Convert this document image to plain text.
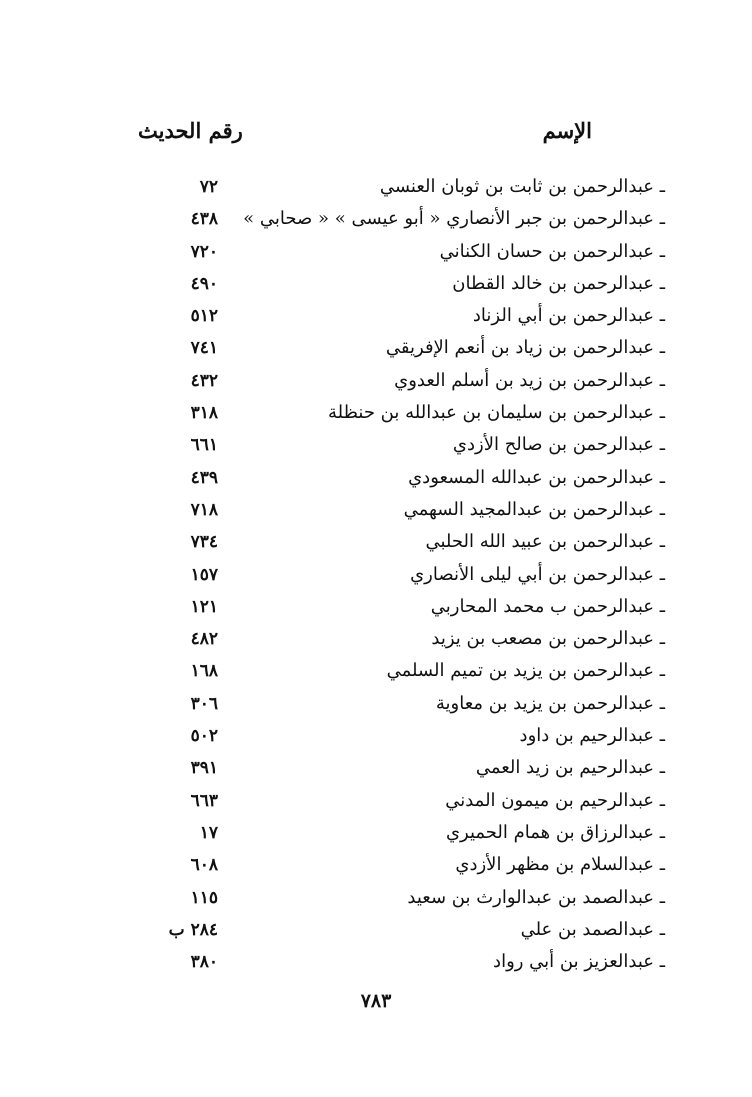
الإسم
رقم الحديث
ـ عبدالرحمن بن ثابت بن ثوبان العنسي
٧٢
ـ عبدالرحمن بن جبر الأنصاري « أبو عيسى » « صحابي »
٤٣٨
ـ عبدالرحمن بن حسان الكناني
٧٢٠
ـ عبدالرحمن بن خالد القطان
٤٩٠
ـ عبدالرحمن بن أبي الزناد
٥١٢
ـ عبدالرحمن بن زياد بن أنعم الإفريقي
٧٤١
ـ عبدالرحمن بن زيد بن أسلم العدوي
٤٣٢
ـ عبدالرحمن بن سليمان بن عبدالله بن حنظلة
٣١٨
ـ عبدالرحمن بن صالح الأزدي
٦٦١
ـ عبدالرحمن بن عبدالله المسعودي
٤٣٩
ـ عبدالرحمن بن عبدالمجيد السهمي
٧١٨
ـ عبدالرحمن بن عبيد الله الحلبي
٧٣٤
ـ عبدالرحمن بن أبي ليلى الأنصاري
١٥٧
ـ عبدالرحمن ب محمد المحاربي
١٢١
ـ عبدالرحمن بن مصعب بن يزيد
٤٨٢
ـ عبدالرحمن بن يزيد بن تميم السلمي
١٦٨
ـ عبدالرحمن بن يزيد بن معاوية
٣٠٦
ـ عبدالرحيم بن داود
٥٠٢
ـ عبدالرحيم بن زيد العمي
٣٩١
ـ عبدالرحيم بن ميمون المدني
٦٦٣
ـ عبدالرزاق بن همام الحميري
١٧
ـ عبدالسلام بن مظهر الأزدي
٦٠٨
ـ عبدالصمد بن عبدالوارث بن سعيد
١١٥
ـ عبدالصمد بن علي
٢٨٤ ب
ـ عبدالعزيز بن أبي رواد
٣٨٠
٧٨٣
